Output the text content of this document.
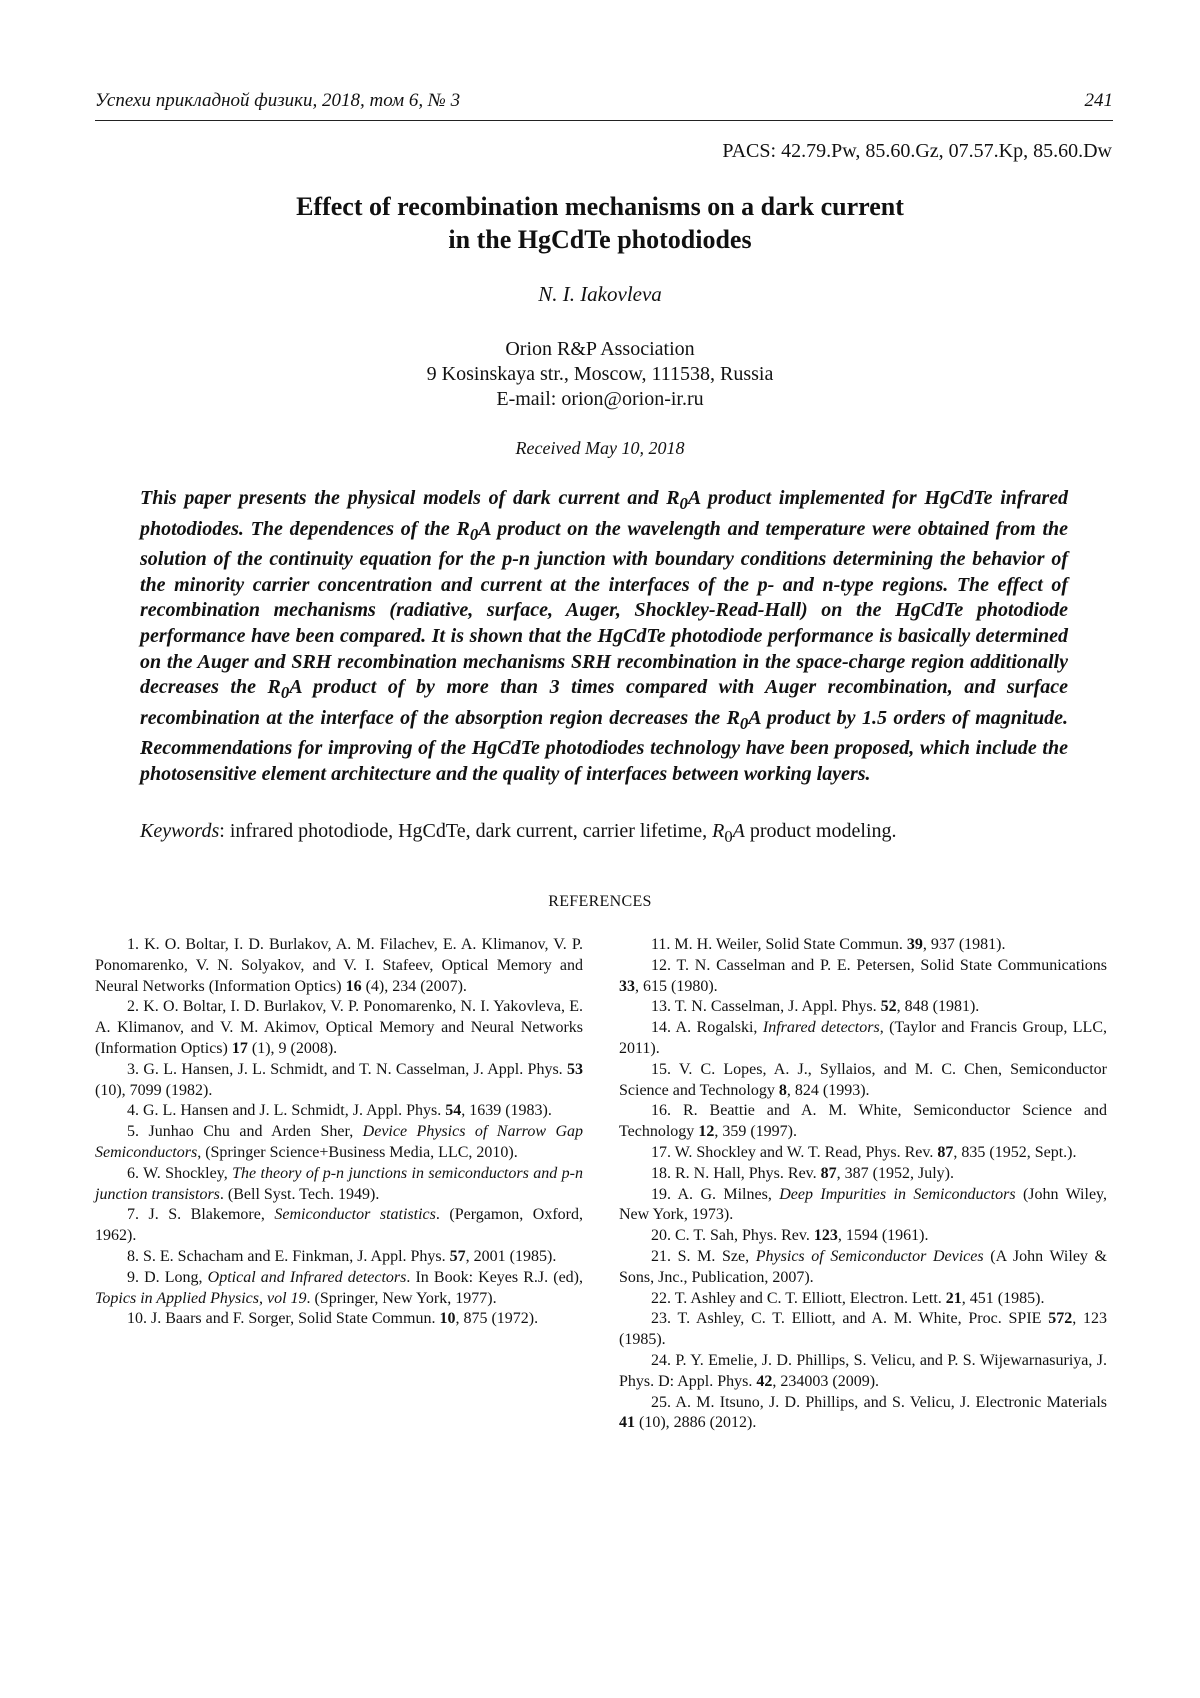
Успехи прикладной физики, 2018, том 6, № 3	241
PACS: 42.79.Pw, 85.60.Gz, 07.57.Kp, 85.60.Dw
Effect of recombination mechanisms on a dark current
in the HgCdTe photodiodes
N. I. Iakovleva
Orion R&P Association
9 Kosinskaya str., Moscow, 111538, Russia
E-mail: orion@orion-ir.ru
Received May 10, 2018
This paper presents the physical models of dark current and $R_0A$ product implemented for HgCdTe infrared photodiodes. The dependences of the $R_0A$ product on the wavelength and temperature were obtained from the solution of the continuity equation for the p-n junction with boundary conditions determining the behavior of the minority carrier concentration and current at the interfaces of the p- and n-type regions. The effect of recombination mechanisms (radiative, surface, Auger, Shockley-Read-Hall) on the HgCdTe photodiode performance have been compared. It is shown that the HgCdTe photodiode performance is basically determined on the Auger and SRH recombination mechanisms SRH recombination in the space-charge region additionally decreases the $R_0A$ product of by more than 3 times compared with Auger recombination, and surface recombination at the interface of the absorption region decreases the $R_0A$ product by 1.5 orders of magnitude. Recommendations for improving of the HgCdTe photodiodes technology have been proposed, which include the photosensitive element architecture and the quality of interfaces between working layers.
Keywords: infrared photodiode, HgCdTe, dark current, carrier lifetime, $R_0A$ product modeling.
REFERENCES

1. K. O. Boltar, I. D. Burlakov, A. M. Filachev, E. A. Klimanov, V. P. Ponomarenko, V. N. Solyakov, and V. I. Stafeev, Optical Memory and Neural Networks (Information Optics) 16 (4), 234 (2007).

2. K. O. Boltar, I. D. Burlakov, V. P. Ponomarenko, N. I. Yakovleva, E. A. Klimanov, and V. M. Akimov, Optical Memory and Neural Networks (Information Optics) 17 (1), 9 (2008).

3. G. L. Hansen, J. L. Schmidt, and T. N. Casselman, J. Appl. Phys. 53 (10), 7099 (1982).

4. G. L. Hansen and J. L. Schmidt, J. Appl. Phys. 54, 1639 (1983).

5. Junhao Chu and Arden Sher, Device Physics of Narrow Gap Semiconductors, (Springer Science+Business Media, LLC, 2010).

6. W. Shockley, The theory of p-n junctions in semiconductors and p-n junction transistors. (Bell Syst. Tech. 1949).

7. J. S. Blakemore, Semiconductor statistics. (Pergamon, Oxford, 1962).

8. S. E. Schacham and E. Finkman, J. Appl. Phys. 57, 2001 (1985).

9. D. Long, Optical and Infrared detectors. In Book: Keyes R.J. (ed), Topics in Applied Physics, vol 19. (Springer, New York, 1977).

10. J. Baars and F. Sorger, Solid State Commun. 10, 875 (1972).

11. M. H. Weiler, Solid State Commun. 39, 937 (1981).

12. T. N. Casselman and P. E. Petersen, Solid State Communications 33, 615 (1980).

13. T. N. Casselman, J. Appl. Phys. 52, 848 (1981).

14. A. Rogalski, Infrared detectors, (Taylor and Francis Group, LLC, 2011).

15. V. C. Lopes, A. J., Syllaios, and M. C. Chen, Semiconductor Science and Technology 8, 824 (1993).

16. R. Beattie and A. M. White, Semiconductor Science and Technology 12, 359 (1997).

17. W. Shockley and W. T. Read, Phys. Rev. 87, 835 (1952, Sept.).

18. R. N. Hall, Phys. Rev. 87, 387 (1952, July).

19. A. G. Milnes, Deep Impurities in Semiconductors (John Wiley, New York, 1973).

20. C. T. Sah, Phys. Rev. 123, 1594 (1961).

21. S. M. Sze, Physics of Semiconductor Devices (A John Wiley & Sons, Jnc., Publication, 2007).

22. T. Ashley and C. T. Elliott, Electron. Lett. 21, 451 (1985).

23. T. Ashley, C. T. Elliott, and A. M. White, Proc. SPIE 572, 123 (1985).

24. P. Y. Emelie, J. D. Phillips, S. Velicu, and P. S. Wijewarnasuriya, J. Phys. D: Appl. Phys. 42, 234003 (2009).

25. A. M. Itsuno, J. D. Phillips, and S. Velicu, J. Electronic Materials 41 (10), 2886 (2012).
